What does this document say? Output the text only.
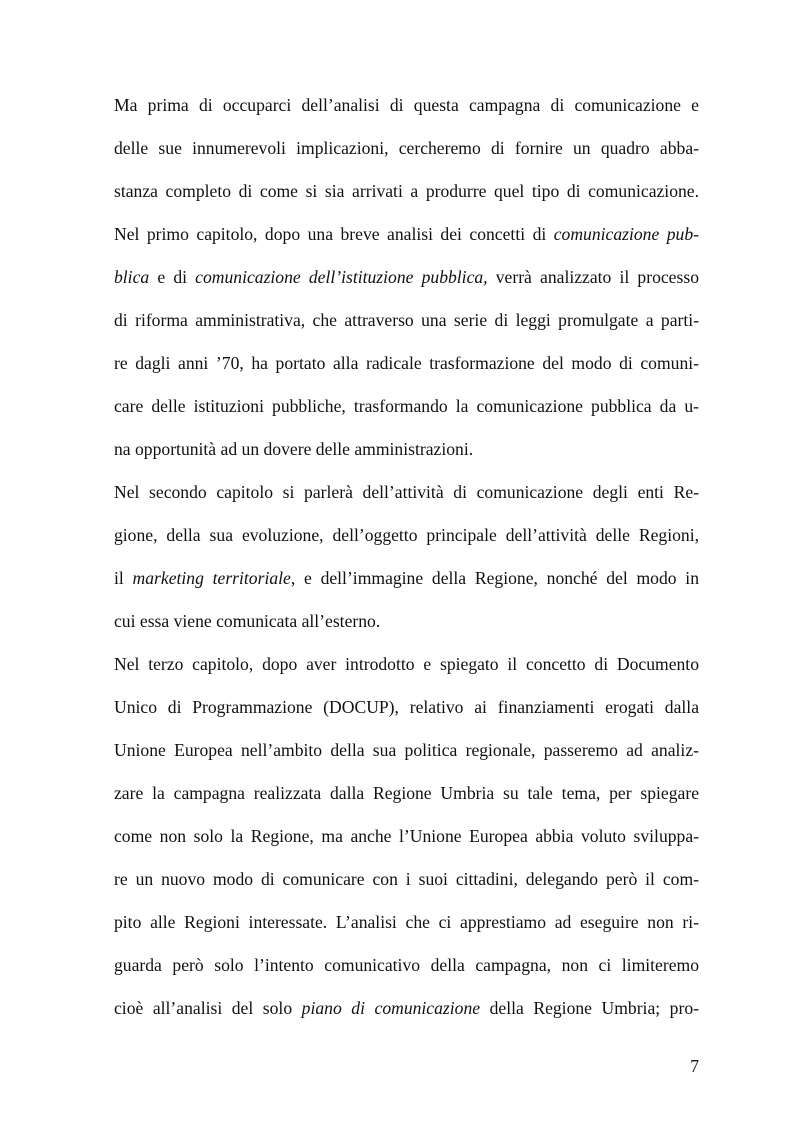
Ma prima di occuparci dell’analisi di questa campagna di comunicazione e
delle sue innumerevoli implicazioni, cercheremo di fornire un quadro abba-
stanza completo di come si sia arrivati a produrre quel tipo di comunicazione.
Nel primo capitolo, dopo una breve analisi dei concetti di comunicazione pub-
blica e di comunicazione dell’istituzione pubblica, verrà analizzato il processo
di riforma amministrativa, che attraverso una serie di leggi promulgate a parti-
re dagli anni ’70, ha portato alla radicale trasformazione del modo di comuni-
care delle istituzioni pubbliche, trasformando la comunicazione pubblica da u-
na opportunità ad un dovere delle amministrazioni.
Nel secondo capitolo si parlerà dell’attività di comunicazione degli enti Re-
gione, della sua evoluzione, dell’oggetto principale dell’attività delle Regioni,
il marketing territoriale, e dell’immagine della Regione, nonché del modo in
cui essa viene comunicata all’esterno.
Nel terzo capitolo, dopo aver introdotto e spiegato il concetto di Documento
Unico di Programmazione (DOCUP), relativo ai finanziamenti erogati dalla
Unione Europea nell’ambito della sua politica regionale, passeremo ad analiz-
zare la campagna realizzata dalla Regione Umbria su tale tema, per spiegare
come non solo la Regione, ma anche l’Unione Europea abbia voluto sviluppa-
re un nuovo modo di comunicare con i suoi cittadini, delegando però il com-
pito alle Regioni interessate. L’analisi che ci apprestiamo ad eseguire non ri-
guarda però solo l’intento comunicativo della campagna, non ci limiteremo
cioè all’analisi del solo piano di comunicazione della Regione Umbria; pro-
7
